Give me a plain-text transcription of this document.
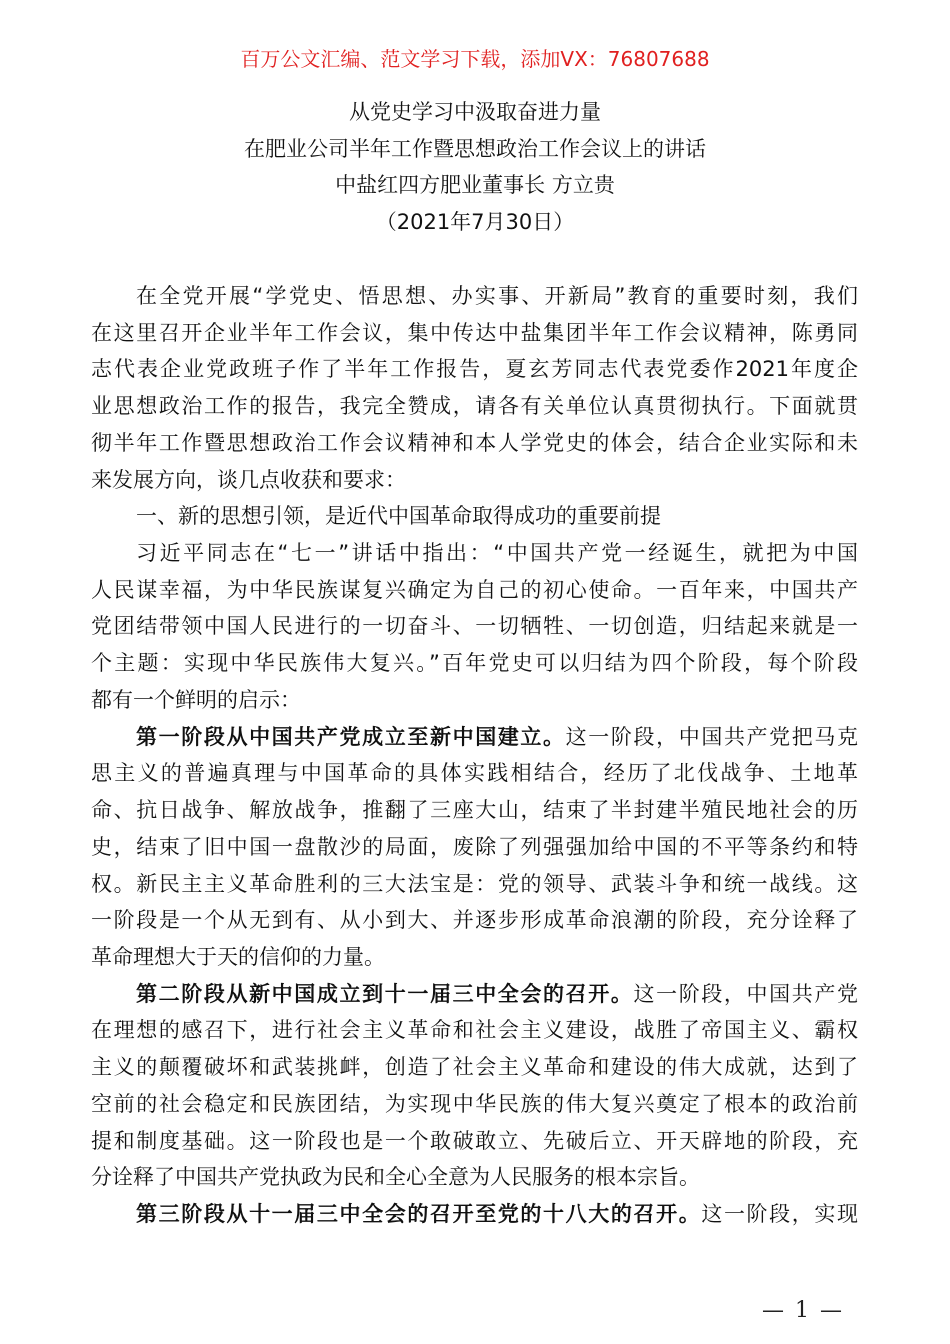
百万公文汇编、范文学习下载，添加VX：76807688
从党史学习中汲取奋进力量
在肥业公司半年工作暨思想政治工作会议上的讲话
中盐红四方肥业董事长 方立贵
（2021年7月30日）
在全党开展“学党史、悟思想、办实事、开新局”教育的重要时刻，我们
在这里召开企业半年工作会议，集中传达中盐集团半年工作会议精神，陈勇同
志代表企业党政班子作了半年工作报告，夏玄芳同志代表党委作2021年度企
业思想政治工作的报告，我完全赞成，请各有关单位认真贯彻执行。下面就贯
彻半年工作暨思想政治工作会议精神和本人学党史的体会，结合企业实际和未
来发展方向，谈几点收获和要求：
一、新的思想引领，是近代中国革命取得成功的重要前提
习近平同志在“七一”讲话中指出：“中国共产党一经诞生，就把为中国
人民谋幸福，为中华民族谋复兴确定为自己的初心使命。一百年来，中国共产
党团结带领中国人民进行的一切奋斗、一切牺牲、一切创造，归结起来就是一
个主题：实现中华民族伟大复兴。”百年党史可以归结为四个阶段，每个阶段
都有一个鲜明的启示：
第一阶段从中国共产党成立至新中国建立。这一阶段，中国共产党把马克
思主义的普遍真理与中国革命的具体实践相结合，经历了北伐战争、土地革
命、抗日战争、解放战争，推翻了三座大山，结束了半封建半殖民地社会的历
史，结束了旧中国一盘散沙的局面，废除了列强强加给中国的不平等条约和特
权。新民主主义革命胜利的三大法宝是：党的领导、武装斗争和统一战线。这
一阶段是一个从无到有、从小到大、并逐步形成革命浪潮的阶段，充分诠释了
革命理想大于天的信仰的力量。
第二阶段从新中国成立到十一届三中全会的召开。这一阶段，中国共产党
在理想的感召下，进行社会主义革命和社会主义建设，战胜了帝国主义、霸权
主义的颠覆破坏和武装挑衅，创造了社会主义革命和建设的伟大成就，达到了
空前的社会稳定和民族团结，为实现中华民族的伟大复兴奠定了根本的政治前
提和制度基础。这一阶段也是一个敢破敢立、先破后立、开天辟地的阶段，充
分诠释了中国共产党执政为民和全心全意为人民服务的根本宗旨。
第三阶段从十一届三中全会的召开至党的十八大的召开。这一阶段，实现
— 1 —
